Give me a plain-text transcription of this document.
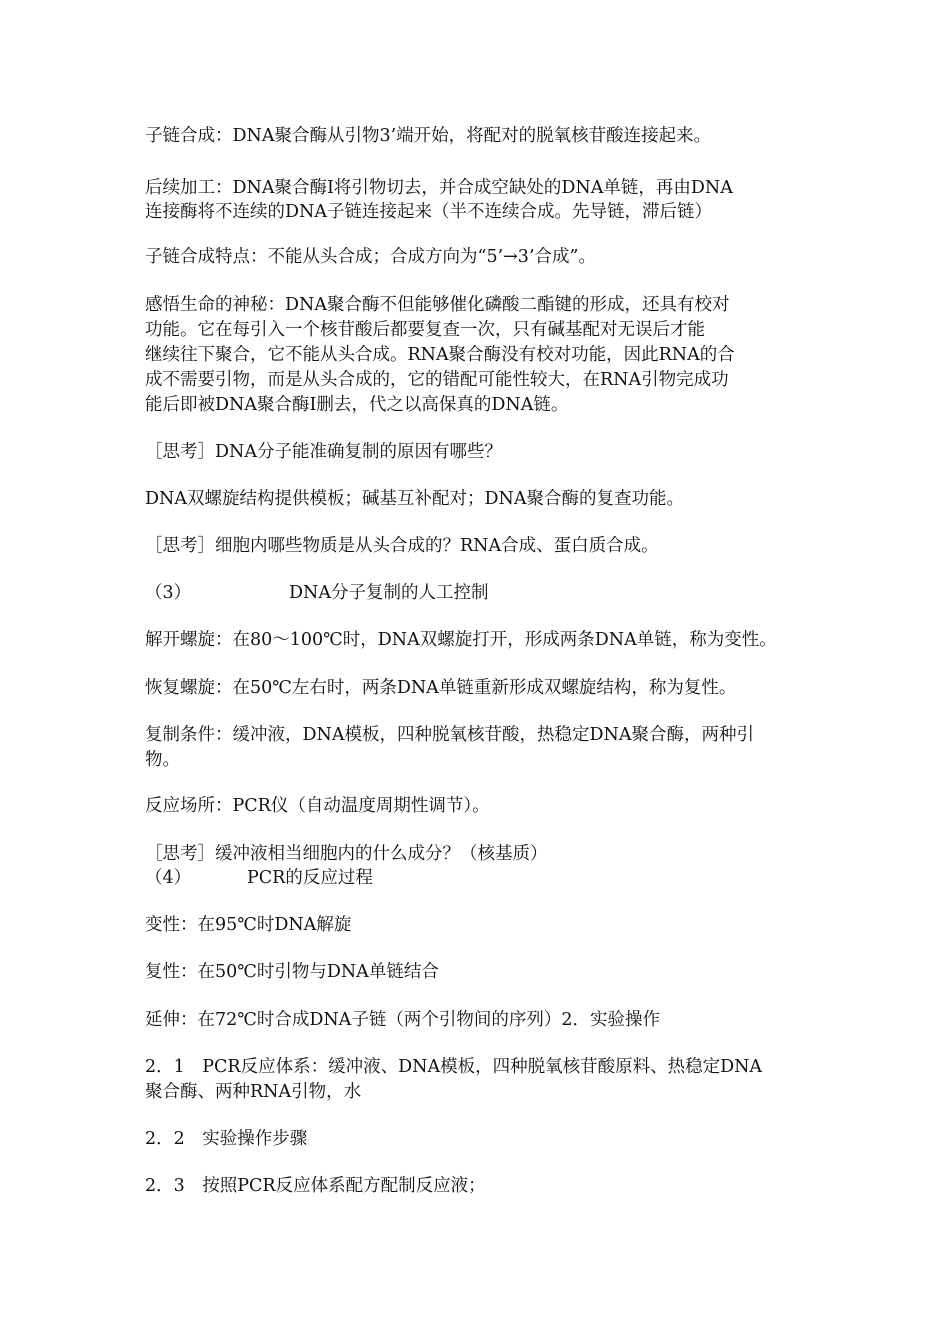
子链合成：DNA聚合酶从引物3’端开始，将配对的脱氧核苷酸连接起来。
后续加工：DNA聚合酶Ⅰ将引物切去，并合成空缺处的DNA单链，再由DNA
连接酶将不连续的DNA子链连接起来（半不连续合成。先导链，滞后链）
子链合成特点：不能从头合成；合成方向为“5’→3’合成”。
感悟生命的神秘：DNA聚合酶不但能够催化磷酸二酯键的形成，还具有校对
功能。它在每引入一个核苷酸后都要复查一次，只有碱基配对无误后才能
继续往下聚合，它不能从头合成。RNA聚合酶没有校对功能，因此RNA的合
成不需要引物，而是从头合成的，它的错配可能性较大，在RNA引物完成功
能后即被DNA聚合酶Ⅰ删去，代之以高保真的DNA链。
［思考］DNA分子能准确复制的原因有哪些？
DNA双螺旋结构提供模板；碱基互补配对；DNA聚合酶的复查功能。
［思考］细胞内哪些物质是从头合成的？RNA合成、蛋白质合成。
（3）	DNA分子复制的人工控制
解开螺旋：在80～100℃时，DNA双螺旋打开，形成两条DNA单链，称为变性。
恢复螺旋：在50℃左右时，两条DNA单链重新形成双螺旋结构，称为复性。
复制条件：缓冲液，DNA模板，四种脱氧核苷酸，热稳定DNA聚合酶，两种引
物。
反应场所：PCR仪（自动温度周期性调节）。
［思考］缓冲液相当细胞内的什么成分？（核基质）
（4）	PCR的反应过程
变性：在95℃时DNA解旋
复性：在50℃时引物与DNA单链结合
延伸：在72℃时合成DNA子链（两个引物间的序列）2．实验操作
2．1　PCR反应体系：缓冲液、DNA模板，四种脱氧核苷酸原料、热稳定DNA
聚合酶、两种RNA引物，水
2．2　实验操作步骤
2．3　按照PCR反应体系配方配制反应液；
